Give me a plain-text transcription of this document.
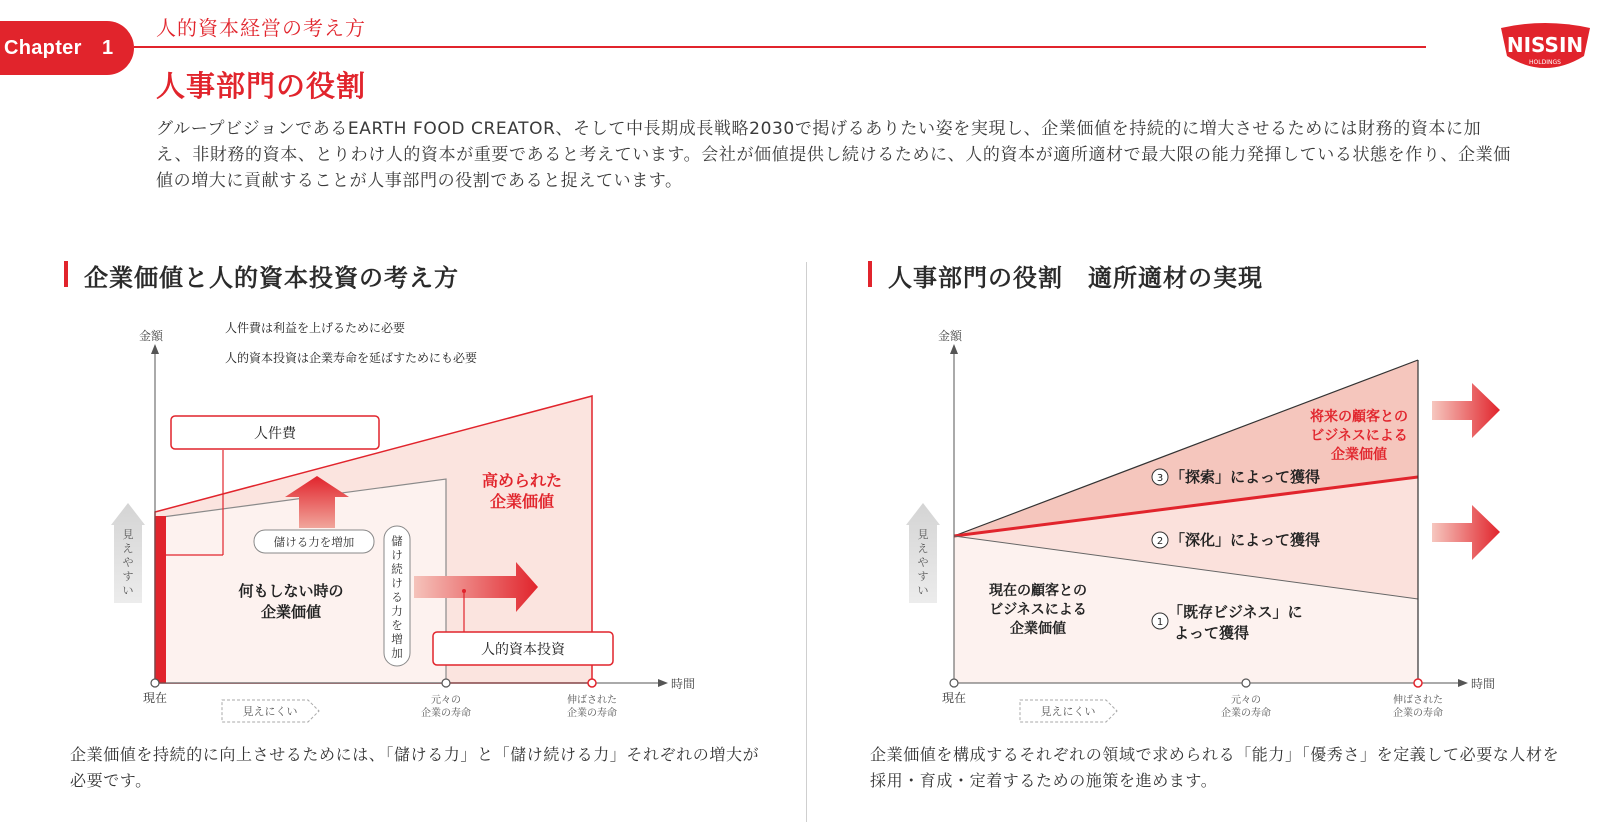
Chapter　1
人的資本経営の考え方
人事部門の役割
NISSIN
HOLDINGS

グループビジョンであるEARTH FOOD CREATOR、そして中長期成長戦略2030で掲げるありたい姿を実現し、企業価値を持続的に増大させるためには財務的資本に加え、非財務的資本、とりわけ人的資本が重要であると考えています。会社が価値提供し続けるために、人的資本が適所適材で最大限の能力発揮している状態を作り、企業価値の増大に貢献することが人事部門の役割であると捉えています。

企業価値と人的資本投資の考え方	人事部門の役割　適所適材の実現
金額
時間
人件費は利益を上げるために必要
人的資本投資は企業寿命を延ばすためにも必要
人件費
儲ける力を増加	儲
け
続
け
る
力
を
増
加
何もしない時の
企業価値
高められた
企業価値
人的資本投資
見
え
や
す
い
見えにくい
現在	元々の
企業の寿命
伸ばされた
企業の寿命
金額
時間
将来の顧客との
ビジネスによる
企業価値
3 「探索」によって獲得
2 「深化」によって獲得
1
「既存ビジネス」に
よって獲得
現在の顧客との
ビジネスによる
企業価値
見
え
や
す
い
見えにくい
現在	元々の
企業の寿命
伸ばされた
企業の寿命

企業価値を持続的に向上させるためには、「儲ける力」と「儲け続ける力」それぞれの増大が必要です。

企業価値を構成するそれぞれの領域で求められる「能力」「優秀さ」を定義して必要な人材を採用・育成・定着するための施策を進めます。
